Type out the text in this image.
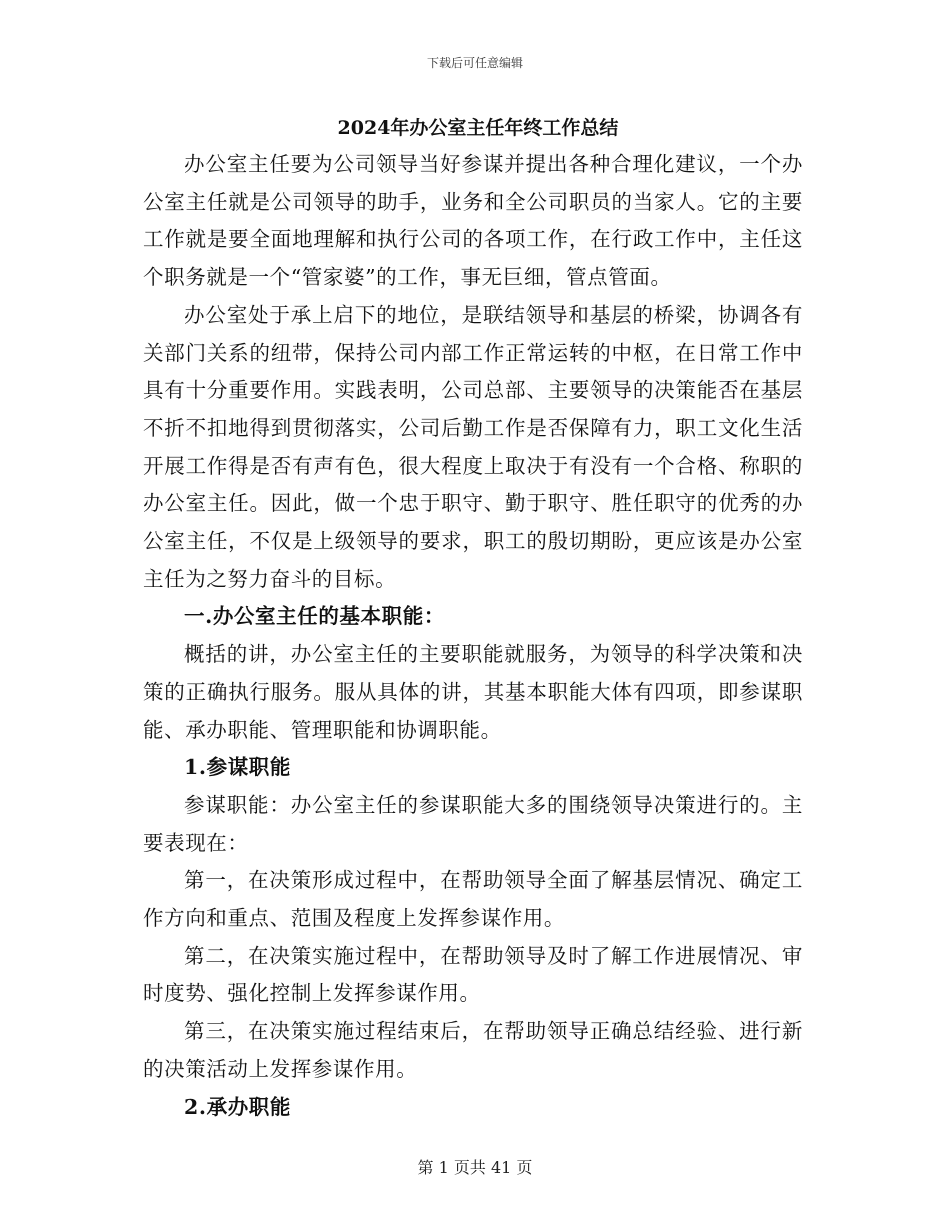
下载后可任意编辑
2024年办公室主任年终工作总结

办公室主任要为公司领导当好参谋并提出各种合理化建议，一个办公室主任就是公司领导的助手，业务和全公司职员的当家人。它的主要工作就是要全面地理解和执行公司的各项工作，在行政工作中，主任这个职务就是一个“管家婆”的工作，事无巨细，管点管面。

办公室处于承上启下的地位，是联结领导和基层的桥梁，协调各有关部门关系的纽带，保持公司内部工作正常运转的中枢，在日常工作中具有十分重要作用。实践表明，公司总部、主要领导的决策能否在基层不折不扣地得到贯彻落实，公司后勤工作是否保障有力，职工文化生活开展工作得是否有声有色，很大程度上取决于有没有一个合格、称职的办公室主任。因此，做一个忠于职守、勤于职守、胜任职守的优秀的办公室主任，不仅是上级领导的要求，职工的殷切期盼，更应该是办公室主任为之努力奋斗的目标。

一.办公室主任的基本职能：

概括的讲，办公室主任的主要职能就服务，为领导的科学决策和决策的正确执行服务。服从具体的讲，其基本职能大体有四项，即参谋职能、承办职能、管理职能和协调职能。

1.参谋职能

参谋职能：办公室主任的参谋职能大多的围绕领导决策进行的。主要表现在：

第一，在决策形成过程中，在帮助领导全面了解基层情况、确定工作方向和重点、范围及程度上发挥参谋作用。

第二，在决策实施过程中，在帮助领导及时了解工作进展情况、审时度势、强化控制上发挥参谋作用。

第三，在决策实施过程结束后，在帮助领导正确总结经验、进行新的决策活动上发挥参谋作用。

2.承办职能

第 1 页共 41 页
